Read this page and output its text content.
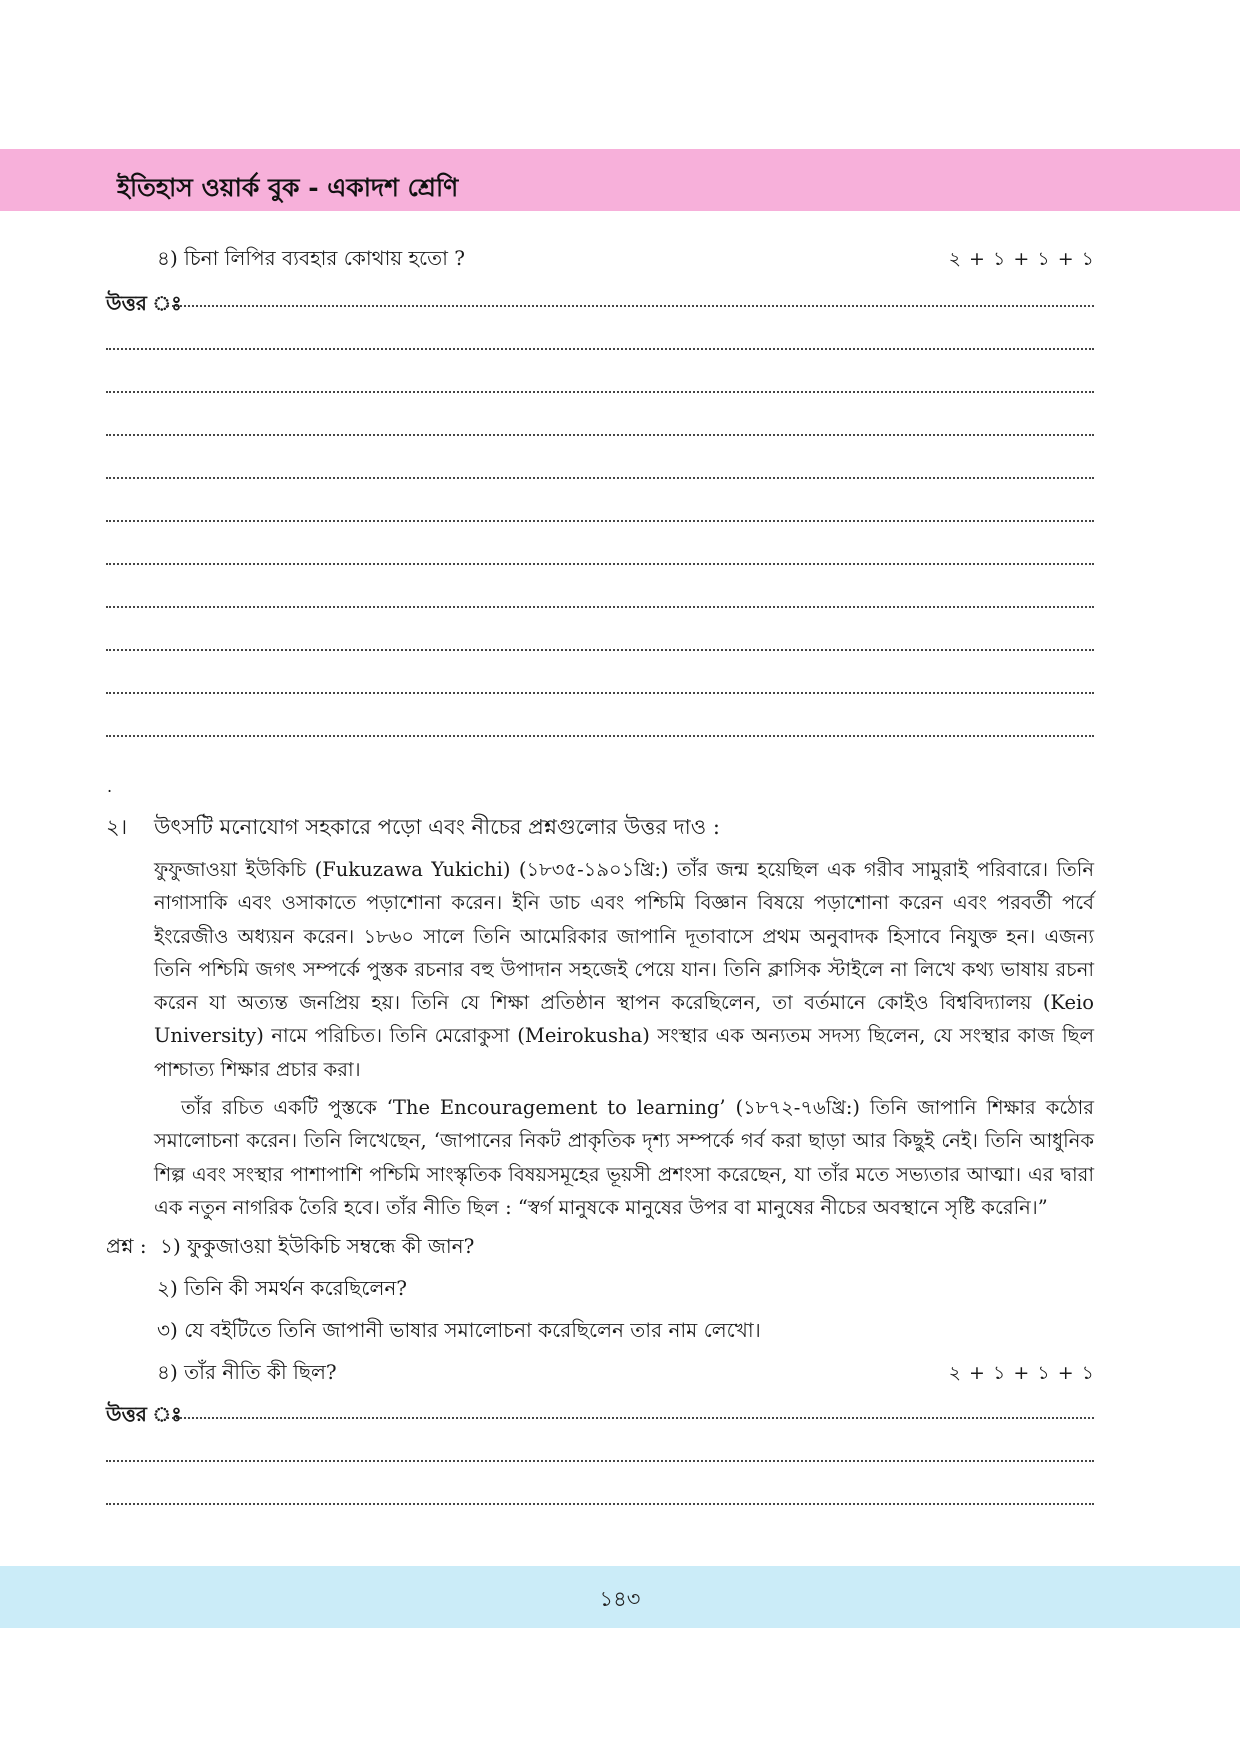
ইতিহাস ওয়ার্ক বুক - একাদশ শ্রেণি
৪) চিনা লিপির ব্যবহার কোথায় হতো ?	২ + ১ + ১ + ১
উত্তর ঃ
.
২। উৎসটি মনোযোগ সহকারে পড়ো এবং নীচের প্রশ্নগুলোর উত্তর দাও :
ফুফুজাওয়া ইউকিচি (Fukuzawa Yukichi) (১৮৩৫-১৯০১খ্রি:) তাঁর জন্ম হয়েছিল এক গরীব সামুরাই পরিবারে। তিনি নাগাসাকি এবং ওসাকাতে পড়াশোনা করেন। ইনি ডাচ এবং পশ্চিমি বিজ্ঞান বিষয়ে পড়াশোনা করেন এবং পরবর্তী পর্বে ইংরেজীও অধ্যয়ন করেন। ১৮৬০ সালে তিনি আমেরিকার জাপানি দূতাবাসে প্রথম অনুবাদক হিসাবে নিযুক্ত হন। এজন্য তিনি পশ্চিমি জগৎ সম্পর্কে পুস্তক রচনার বহু উপাদান সহজেই পেয়ে যান। তিনি ক্লাসিক স্টাইলে না লিখে কথ্য ভাষায় রচনা করেন যা অত্যন্ত জনপ্রিয় হয়। তিনি যে শিক্ষা প্রতিষ্ঠান স্থাপন করেছিলেন, তা বর্তমানে কোইও বিশ্ববিদ্যালয় (Keio University) নামে পরিচিত। তিনি মেরোকুসা (Meirokusha) সংস্থার এক অন্যতম সদস্য ছিলেন, যে সংস্থার কাজ ছিল পাশ্চাত্য শিক্ষার প্রচার করা।
তাঁর রচিত একটি পুস্তকে ‘The Encouragement to learning’ (১৮৭২-৭৬খ্রি:) তিনি জাপানি শিক্ষার কঠোর সমালোচনা করেন। তিনি লিখেছেন, ‘জাপানের নিকট প্রাকৃতিক দৃশ্য সম্পর্কে গর্ব করা ছাড়া আর কিছুই নেই। তিনি আধুনিক শিল্প এবং সংস্থার পাশাপাশি পশ্চিমি সাংস্কৃতিক বিষয়সমূহের ভূয়সী প্রশংসা করেছেন, যা তাঁর মতে সভ্যতার আত্মা। এর দ্বারা এক নতুন নাগরিক তৈরি হবে। তাঁর নীতি ছিল : “স্বর্গ মানুষকে মানুষের উপর বা মানুষের নীচের অবস্থানে সৃষ্টি করেনি।”
প্রশ্ন : ১) ফুকুজাওয়া ইউকিচি সম্বন্ধে কী জান?
২) তিনি কী সমর্থন করেছিলেন?
৩) যে বইটিতে তিনি জাপানী ভাষার সমালোচনা করেছিলেন তার নাম লেখো।
৪) তাঁর নীতি কী ছিল?	২ + ১ + ১ + ১
উত্তর ঃ
১৪৩
